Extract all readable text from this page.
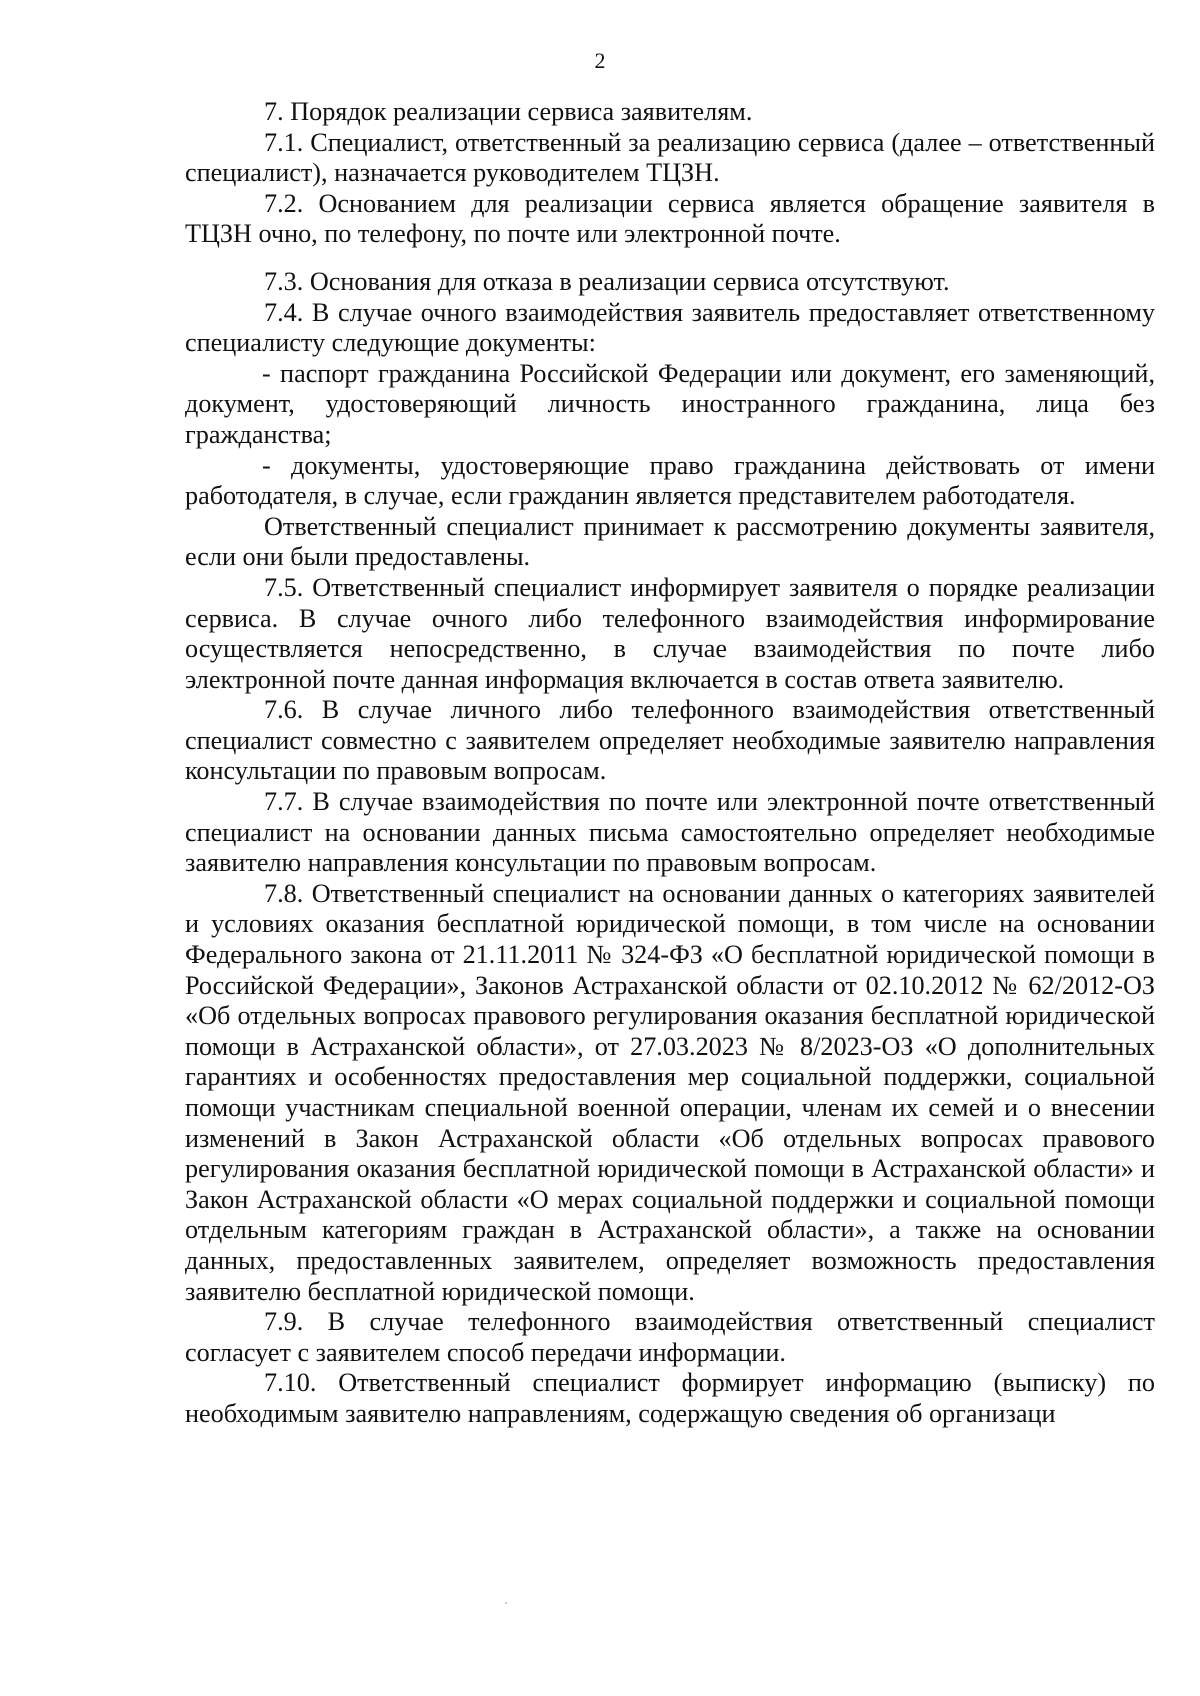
2

7. Порядок реализации сервиса заявителям.

7.1. Специалист, ответственный за реализацию сервиса (далее – ответственный специалист), назначается руководителем ТЦЗН.

7.2. Основанием для реализации сервиса является обращение заявителя в ТЦЗН очно, по телефону, по почте или электронной почте.

7.3. Основания для отказа в реализации сервиса отсутствуют.

7.4. В случае очного взаимодействия заявитель предоставляет ответственному специалисту следующие документы:

- паспорт гражданина Российской Федерации или документ, его заменяющий, документ, удостоверяющий личность иностранного гражданина, лица без гражданства;

- документы, удостоверяющие право гражданина действовать от имени работодателя, в случае, если гражданин является представителем работодателя.

Ответственный специалист принимает к рассмотрению документы заявителя, если они были предоставлены.

7.5. Ответственный специалист информирует заявителя о порядке реализации сервиса. В случае очного либо телефонного взаимодействия информирование осуществляется непосредственно, в случае взаимодействия по почте либо электронной почте данная информация включается в состав ответа заявителю.

7.6. В случае личного либо телефонного взаимодействия ответственный специалист совместно с заявителем определяет необходимые заявителю направления консультации по правовым вопросам.

7.7. В случае взаимодействия по почте или электронной почте ответственный специалист на основании данных письма самостоятельно определяет необходимые заявителю направления консультации по правовым вопросам.

7.8. Ответственный специалист на основании данных о категориях заявителей и условиях оказания бесплатной юридической помощи, в том числе на основании Федерального закона от 21.11.2011 № 324-ФЗ «О бесплатной юридической помощи в Российской Федерации», Законов Астраханской области от 02.10.2012 № 62/2012-ОЗ «Об отдельных вопросах правового регулирования оказания бесплатной юридической помощи в Астраханской области», от 27.03.2023 № 8/2023-ОЗ «О дополнительных гарантиях и особенностях предоставления мер социальной поддержки, социальной помощи участникам специальной военной операции, членам их семей и о внесении изменений в Закон Астраханской области «Об отдельных вопросах правового регулирования оказания бесплатной юридической помощи в Астраханской области» и Закон Астраханской области «О мерах социальной поддержки и социальной помощи отдельным категориям граждан в Астраханской области», а также на основании данных, предоставленных заявителем, определяет возможность предоставления заявителю бесплатной юридической помощи.

7.9. В случае телефонного взаимодействия ответственный специалист согласует с заявителем способ передачи информации.

7.10. Ответственный специалист формирует информацию (выписку) по необходимым заявителю направлениям, содержащую сведения об организаци
